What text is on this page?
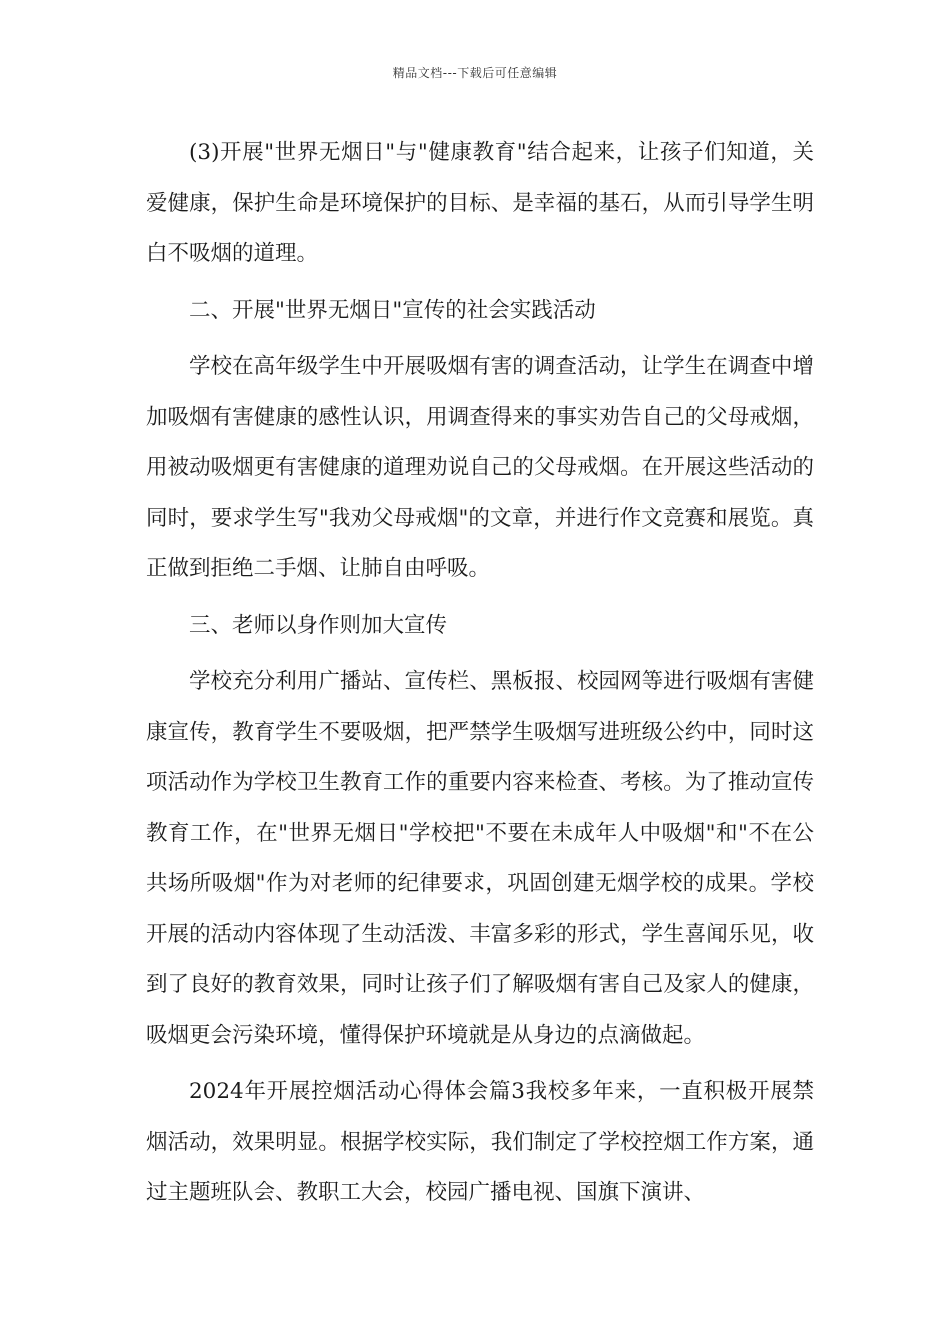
精品文档---下载后可任意编辑

(3)开展"世界无烟日"与"健康教育"结合起来，让孩子们知道，关爱健康，保护生命是环境保护的目标、是幸福的基石，从而引导学生明白不吸烟的道理。

二、开展"世界无烟日"宣传的社会实践活动

学校在高年级学生中开展吸烟有害的调查活动，让学生在调查中增加吸烟有害健康的感性认识，用调查得来的事实劝告自己的父母戒烟，用被动吸烟更有害健康的道理劝说自己的父母戒烟。在开展这些活动的同时，要求学生写"我劝父母戒烟"的文章，并进行作文竞赛和展览。真正做到拒绝二手烟、让肺自由呼吸。

三、老师以身作则加大宣传

学校充分利用广播站、宣传栏、黑板报、校园网等进行吸烟有害健康宣传，教育学生不要吸烟，把严禁学生吸烟写进班级公约中，同时这项活动作为学校卫生教育工作的重要内容来检查、考核。为了推动宣传教育工作，在"世界无烟日"学校把"不要在未成年人中吸烟"和"不在公共场所吸烟"作为对老师的纪律要求，巩固创建无烟学校的成果。学校开展的活动内容体现了生动活泼、丰富多彩的形式，学生喜闻乐见，收到了良好的教育效果，同时让孩子们了解吸烟有害自己及家人的健康，吸烟更会污染环境，懂得保护环境就是从身边的点滴做起。

2024年开展控烟活动心得体会篇3我校多年来，一直积极开展禁烟活动，效果明显。根据学校实际，我们制定了学校控烟工作方案，通过主题班队会、教职工大会，校园广播电视、国旗下演讲、
